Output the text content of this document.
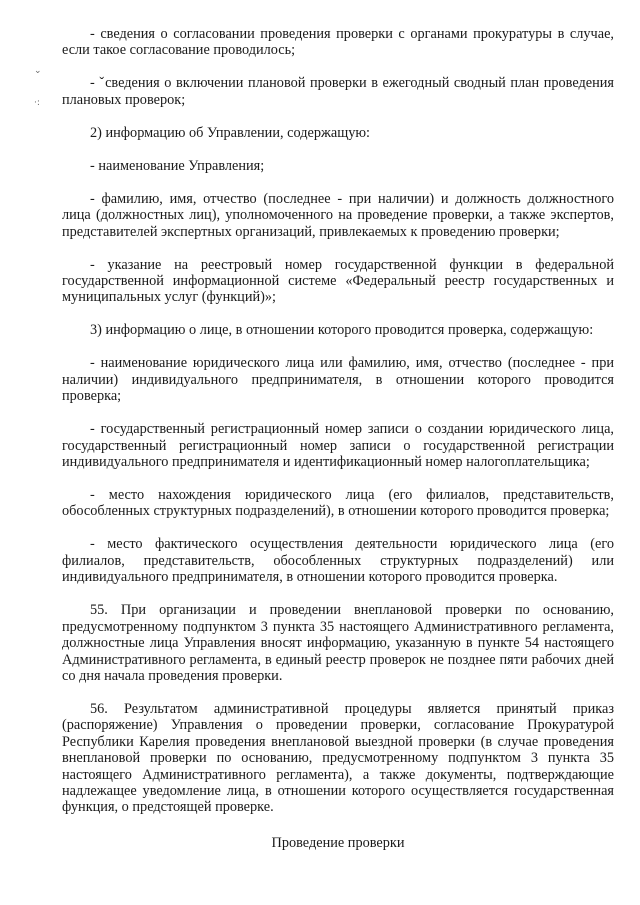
⌄
·:

- сведения о согласовании проведения проверки с органами прокуратуры в случае, если такое согласование проводилось;

- ˇсведения о включении плановой проверки в ежегодный сводный план проведения плановых проверок;

2) информацию об Управлении, содержащую:

- наименование Управления;

- фамилию, имя, отчество (последнее - при наличии) и должность должностного лица (должностных лиц), уполномоченного на проведение проверки, а также экспертов, представителей экспертных организаций, привлекаемых к проведению проверки;

- указание на реестровый номер государственной функции в федеральной государственной информационной системе «Федеральный реестр государственных и муниципальных услуг (функций)»;

3) информацию о лице, в отношении которого проводится проверка, содержащую:

- наименование юридического лица или фамилию, имя, отчество (последнее - при наличии) индивидуального предпринимателя, в отношении которого проводится проверка;

- государственный регистрационный номер записи о создании юридического лица, государственный регистрационный номер записи о государственной регистрации индивидуального предпринимателя и идентификационный номер налогоплательщика;

- место нахождения юридического лица (его филиалов, представительств, обособленных структурных подразделений), в отношении которого проводится проверка;

- место фактического осуществления деятельности юридического лица (его филиалов, представительств, обособленных структурных подразделений) или индивидуального предпринимателя, в отношении которого проводится проверка.

55. При организации и проведении внеплановой проверки по основанию, предусмотренному подпунктом 3 пункта 35 настоящего Административного регламента, должностные лица Управления вносят информацию, указанную в пункте 54 настоящего Административного регламента, в единый реестр проверок не позднее пяти рабочих дней со дня начала проведения проверки.

56. Результатом административной процедуры является принятый приказ (распоряжение) Управления о проведении проверки, согласование Прокуратурой Республики Карелия проведения внеплановой выездной проверки (в случае проведения внеплановой проверки по основанию, предусмотренному подпунктом 3 пункта 35 настоящего Административного регламента), а также документы, подтверждающие надлежащее уведомление лица, в отношении которого осуществляется государственная функция, о предстоящей проверке.

Проведение проверки
